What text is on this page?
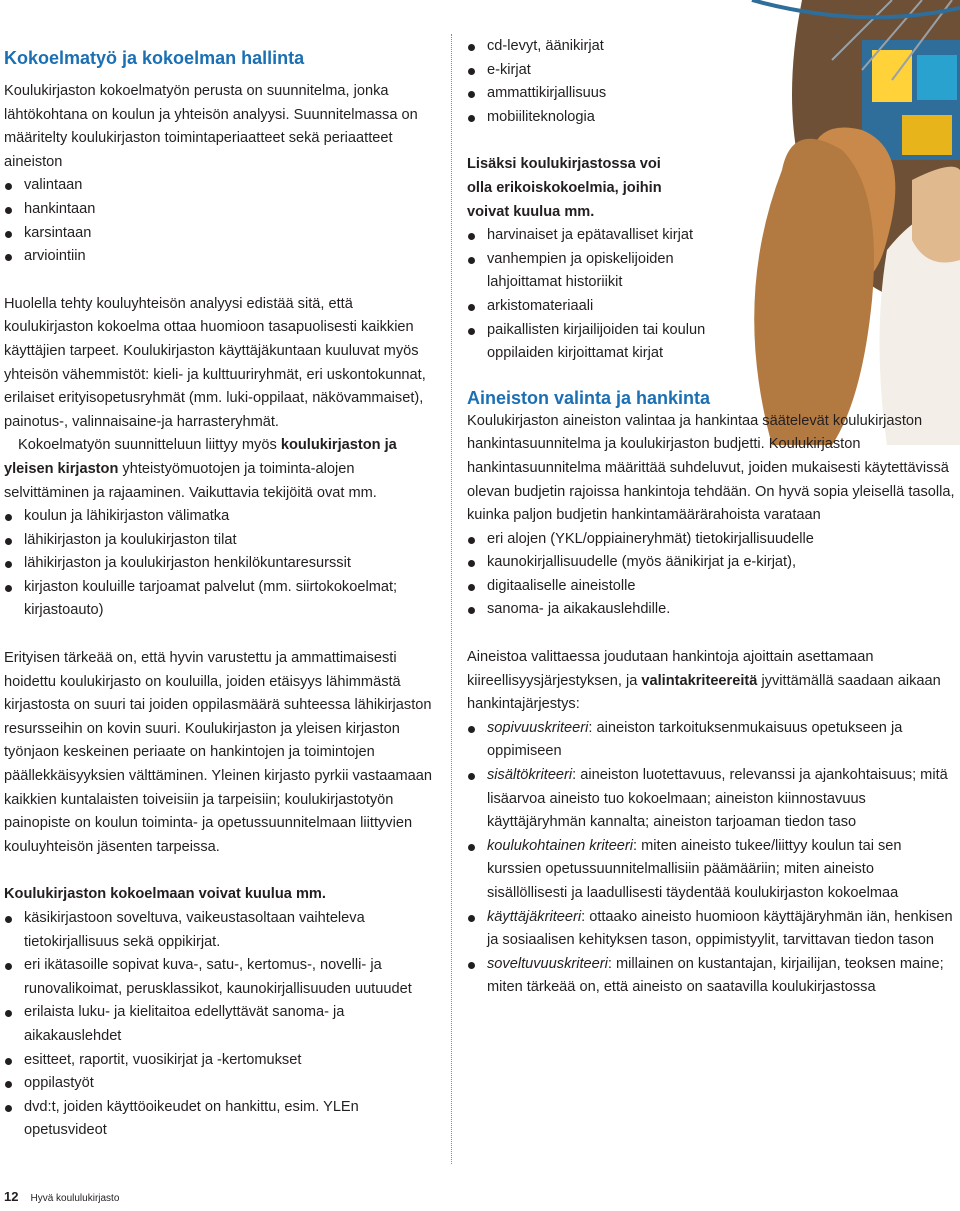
Kokoelmatyö ja kokoelman hallinta

Koulukirjaston kokoelmatyön perusta on suunnitelma, jonka lähtökohtana on koulun ja yhteisön analyysi. Suunnitelmassa on määritelty koulukirjaston toimintaperiaatteet sekä periaatteet aineiston

valintaan
hankintaan
karsintaan
arviointiin

Huolella tehty kouluyhteisön analyysi edistää sitä, että koulukirjaston kokoelma ottaa huomioon tasapuolisesti kaikkien käyttäjien tarpeet. Koulukirjaston käyttäjäkuntaan kuuluvat myös yhteisön vähemmistöt: kieli- ja kulttuuriryhmät, eri uskontokunnat, erilaiset erityisopetusryhmät (mm. luki-oppilaat, näkövammaiset), painotus-, valinnaisaine-ja harrasteryhmät.

Kokoelmatyön suunnitteluun liittyy myös koulukirjaston ja yleisen kirjaston yhteistyömuotojen ja toiminta-alojen selvittäminen ja rajaaminen. Vaikuttavia tekijöitä ovat mm.

koulun ja lähikirjaston välimatka
lähikirjaston ja koulukirjaston tilat
lähikirjaston ja koulukirjaston henkilökuntaresurssit
kirjaston kouluille tarjoamat palvelut (mm. siirtokokoelmat; kirjastoauto)

Erityisen tärkeää on, että hyvin varustettu ja ammattimaisesti hoidettu koulukirjasto on kouluilla, joiden etäisyys lähimmästä kirjastosta on suuri tai joiden oppilasmäärä suhteessa lähikirjaston resursseihin on kovin suuri. Koulukirjaston ja yleisen kirjaston työnjaon keskeinen periaate on hankintojen ja toimintojen päällekkäisyyksien välttäminen. Yleinen kirjasto pyrkii vastaamaan kaikkien kuntalaisten toiveisiin ja tarpeisiin; koulukirjastotyön painopiste on koulun toiminta- ja opetussuunnitelmaan liittyvien kouluyhteisön jäsenten tarpeissa.

Koulukirjaston kokoelmaan voivat kuulua mm.

käsikirjastoon soveltuva, vaikeustasoltaan vaihteleva tietokirjallisuus sekä oppikirjat.
eri ikätasoille sopivat kuva-, satu-, kertomus-, novelli- ja runovalikoimat, perusklassikot, kaunokirjallisuuden uutuudet
erilaista luku- ja kielitaitoa edellyttävät sanoma- ja aikakauslehdet
esitteet, raportit, vuosikirjat ja -kertomukset
oppilastyöt
dvd:t, joiden käyttöoikeudet on hankittu, esim. YLEn opetusvideot
cd-levyt, äänikirjat
e-kirjat
ammattikirjallisuus
mobiiliteknologia

Lisäksi koulukirjastossa voi olla erikoiskokoelmia, joihin voivat kuulua mm.

harvinaiset ja epätavalliset kirjat
vanhempien ja opiskelijoiden lahjoittamat historiikit
arkistomateriaali
paikallisten kirjailijoiden tai koulun oppilaiden kirjoittamat kirjat
Aineiston valinta ja hankinta

Koulukirjaston aineiston valintaa ja hankintaa säätelevät koulukirjaston hankintasuunnitelma ja koulukirjaston budjetti. Koulukirjaston hankintasuunnitelma määrittää suhdeluvut, joiden mukaisesti käytettävissä olevan budjetin rajoissa hankintoja tehdään. On hyvä sopia yleisellä tasolla, kuinka paljon budjetin hankintamäärärahoista varataan

eri alojen (YKL/oppiaineryhmät) tietokirjallisuudelle
kaunokirjallisuudelle (myös äänikirjat ja e-kirjat),
digitaaliselle aineistolle
sanoma- ja aikakauslehdille.

Aineistoa valittaessa joudutaan hankintoja ajoittain asettamaan kiireellisyysjärjestyksen, ja valintakriteereitä jyvittämällä saadaan aikaan hankintajärjestys:

sopivuuskriteeri: aineiston tarkoituksenmukaisuus opetukseen ja oppimiseen
sisältökriteeri: aineiston luotettavuus, relevanssi ja ajankohtaisuus; mitä lisäarvoa aineisto tuo kokoelmaan; aineiston kiinnostavuus käyttäjäryhmän kannalta; aineiston tarjoaman tiedon taso
koulukohtainen kriteeri: miten aineisto tukee/liittyy koulun tai sen kurssien opetussuunnitelmallisiin päämääriin; miten aineisto sisällöllisesti ja laadullisesti täydentää koulukirjaston kokoelmaa
käyttäjäkriteeri: ottaako aineisto huomioon käyttäjäryhmän iän, henkisen ja sosiaalisen kehityksen tason, oppimistyylit, tarvittavan tiedon tason
soveltuvuuskriteeri: millainen on kustantajan, kirjailijan, teoksen maine; miten tärkeää on, että aineisto on saatavilla koulukirjastossa
12 Hyvä koululukirjasto
